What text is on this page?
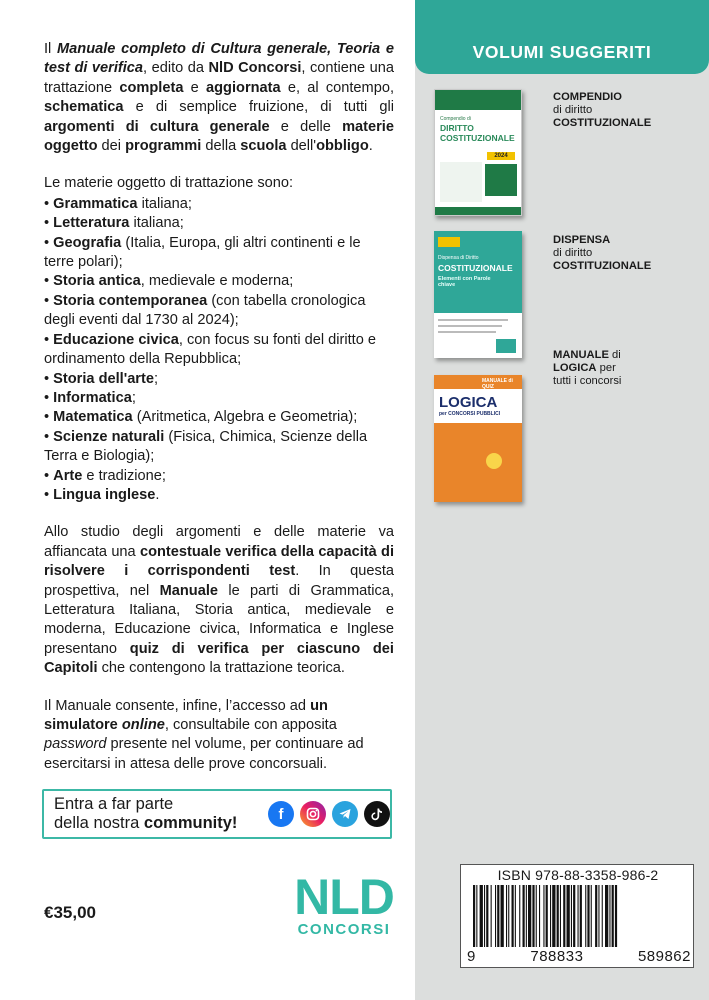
Il Manuale completo di Cultura generale, Teoria e test di verifica, edito da NlD Concorsi, contiene una trattazione completa e aggiornata e, al contempo, schematica e di semplice fruizione, di tutti gli argomenti di cultura generale e delle materie oggetto dei programmi della scuola dell'obbligo.

Le materie oggetto di trattazione sono:
• Grammatica italiana;
• Letteratura italiana;
• Geografia (Italia, Europa, gli altri continenti e le terre polari);
• Storia antica, medievale e moderna;
• Storia contemporanea (con tabella cronologica degli eventi dal 1730 al 2024);
• Educazione civica, con focus su fonti del diritto e ordinamento della Repubblica;
• Storia dell'arte;
• Informatica;
• Matematica (Aritmetica, Algebra e Geometria);
• Scienze naturali (Fisica, Chimica, Scienze della Terra e Biologia);
• Arte e tradizione;
• Lingua inglese.

Allo studio degli argomenti e delle materie va affiancata una contestuale verifica della capacità di risolvere i corrispondenti test. In questa prospettiva, nel Manuale le parti di Grammatica, Letteratura Italiana, Storia antica, medievale e moderna, Educazione civica, Informatica e Inglese presentano quiz di verifica per ciascuno dei Capitoli che contengono la trattazione teorica.

Il Manuale consente, infine, l’accesso ad un simulatore online, consultabile con apposita password presente nel volume, per continuare ad esercitarsi in attesa delle prove concorsuali.

Entra a far parte
della nostra community!	f
€35,00	NLD
CONCORSI
VOLUMI SUGGERITI
Compendio di
DIRITTO COSTITUZIONALE
2024
COMPENDIO
di diritto
COSTITUZIONALE
Dispensa di Diritto
COSTITUZIONALE
Elementi con Parole chiave
DISPENSA
di diritto
COSTITUZIONALE
MANUALE di QUIZ
LOGICA
per CONCORSI PUBBLICI
MANUALE di
LOGICA per
tutti i concorsi
ISBN 978-88-3358-986-2
9	788833	589862
